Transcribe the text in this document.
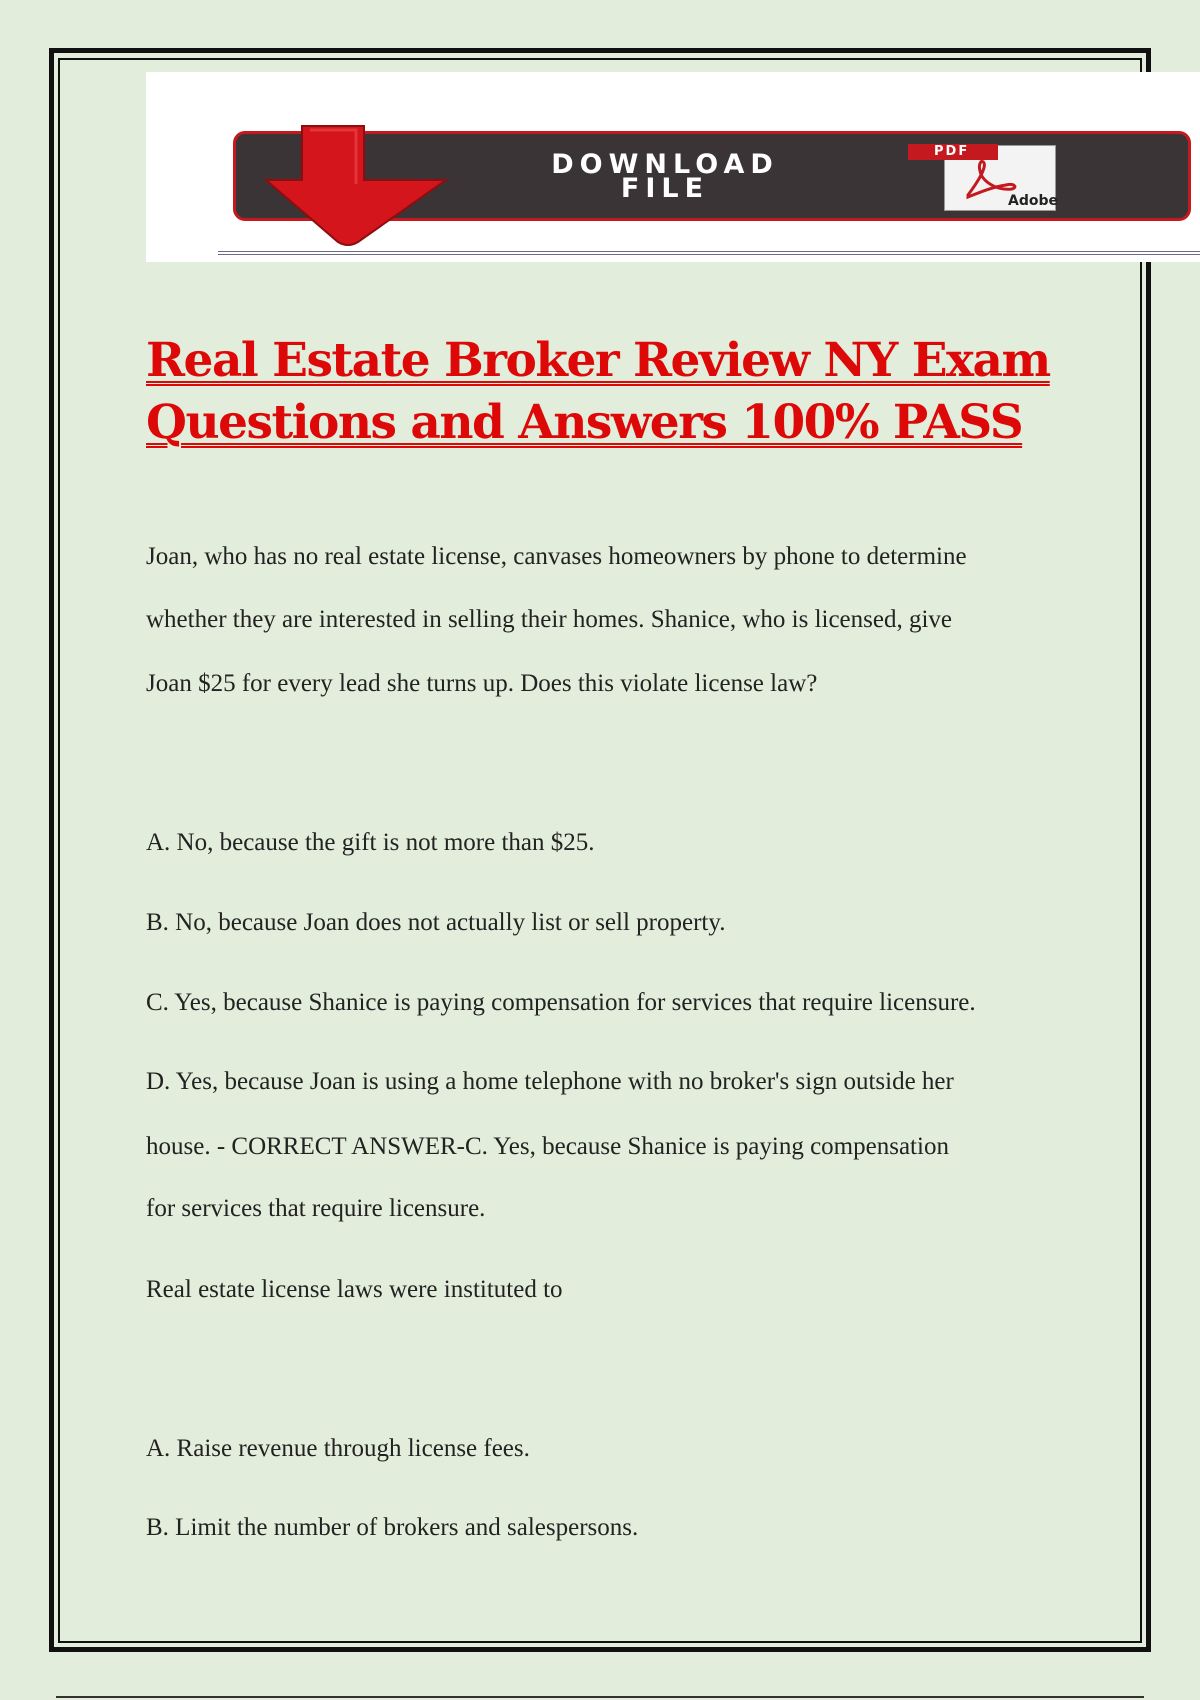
DOWNLOAD
FILE
PDF
Adobe
Real Estate Broker Review NY Exam
Questions and Answers 100% PASS

Joan, who has no real estate license, canvases homeowners by phone to determine

whether they are interested in selling their homes. Shanice, who is licensed, give

Joan $25 for every lead she turns up. Does this violate license law?

A. No, because the gift is not more than $25.

B. No, because Joan does not actually list or sell property.

C. Yes, because Shanice is paying compensation for services that require licensure.

D. Yes, because Joan is using a home telephone with no broker's sign outside her

house. - CORRECT ANSWER-C. Yes, because Shanice is paying compensation

for services that require licensure.

Real estate license laws were instituted to

A. Raise revenue through license fees.

B. Limit the number of brokers and salespersons.
